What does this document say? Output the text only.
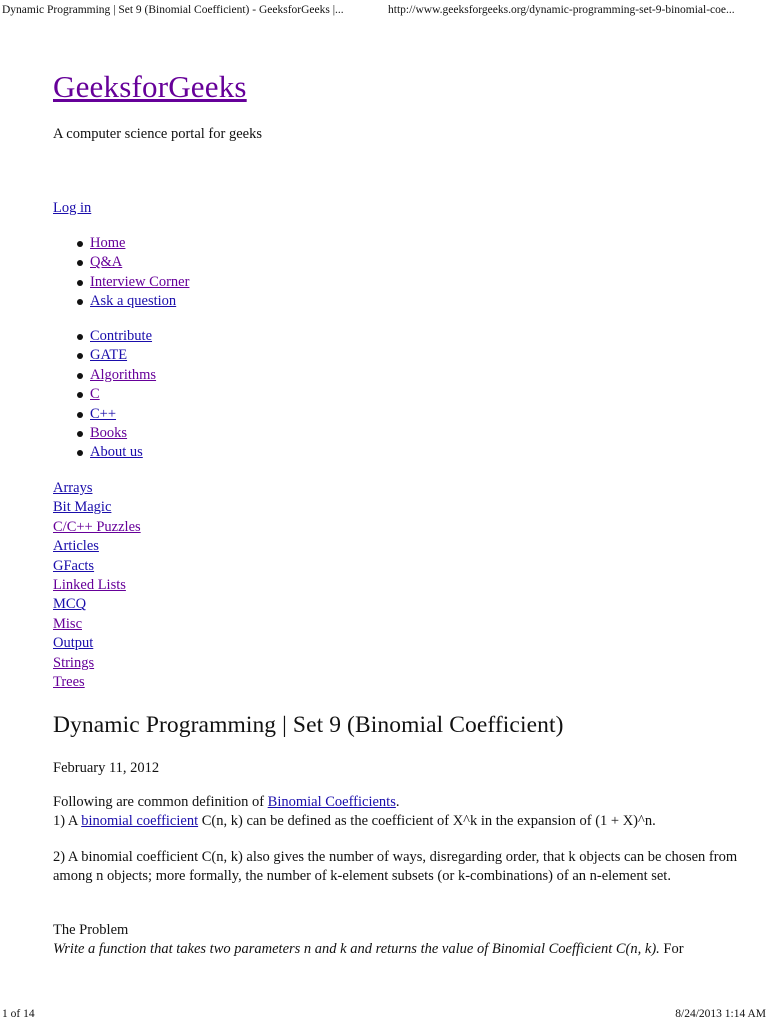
Dynamic Programming | Set 9 (Binomial Coefficient) - GeeksforGeeks |...	http://www.geeksforgeeks.org/dynamic-programming-set-9-binomial-coe...
GeeksforGeeks
A computer science portal for geeks
Log in
Home
Q&A
Interview Corner
Ask a question
Contribute
GATE
Algorithms
C
C++
Books
About us
Arrays
Bit Magic
C/C++ Puzzles
Articles
GFacts
Linked Lists
MCQ
Misc
Output
Strings
Trees
Dynamic Programming | Set 9 (Binomial Coefficient)
February 11, 2012
Following are common definition of Binomial Coefficients.
1) A binomial coefficient C(n, k) can be defined as the coefficient of X^k in the expansion of (1 + X)^n.
2) A binomial coefficient C(n, k) also gives the number of ways, disregarding order, that k objects can be chosen from among n objects; more formally, the number of k-element subsets (or k-combinations) of an n-element set.
The Problem
Write a function that takes two parameters n and k and returns the value of Binomial Coefficient C(n, k). For
1 of 14	8/24/2013 1:14 AM
